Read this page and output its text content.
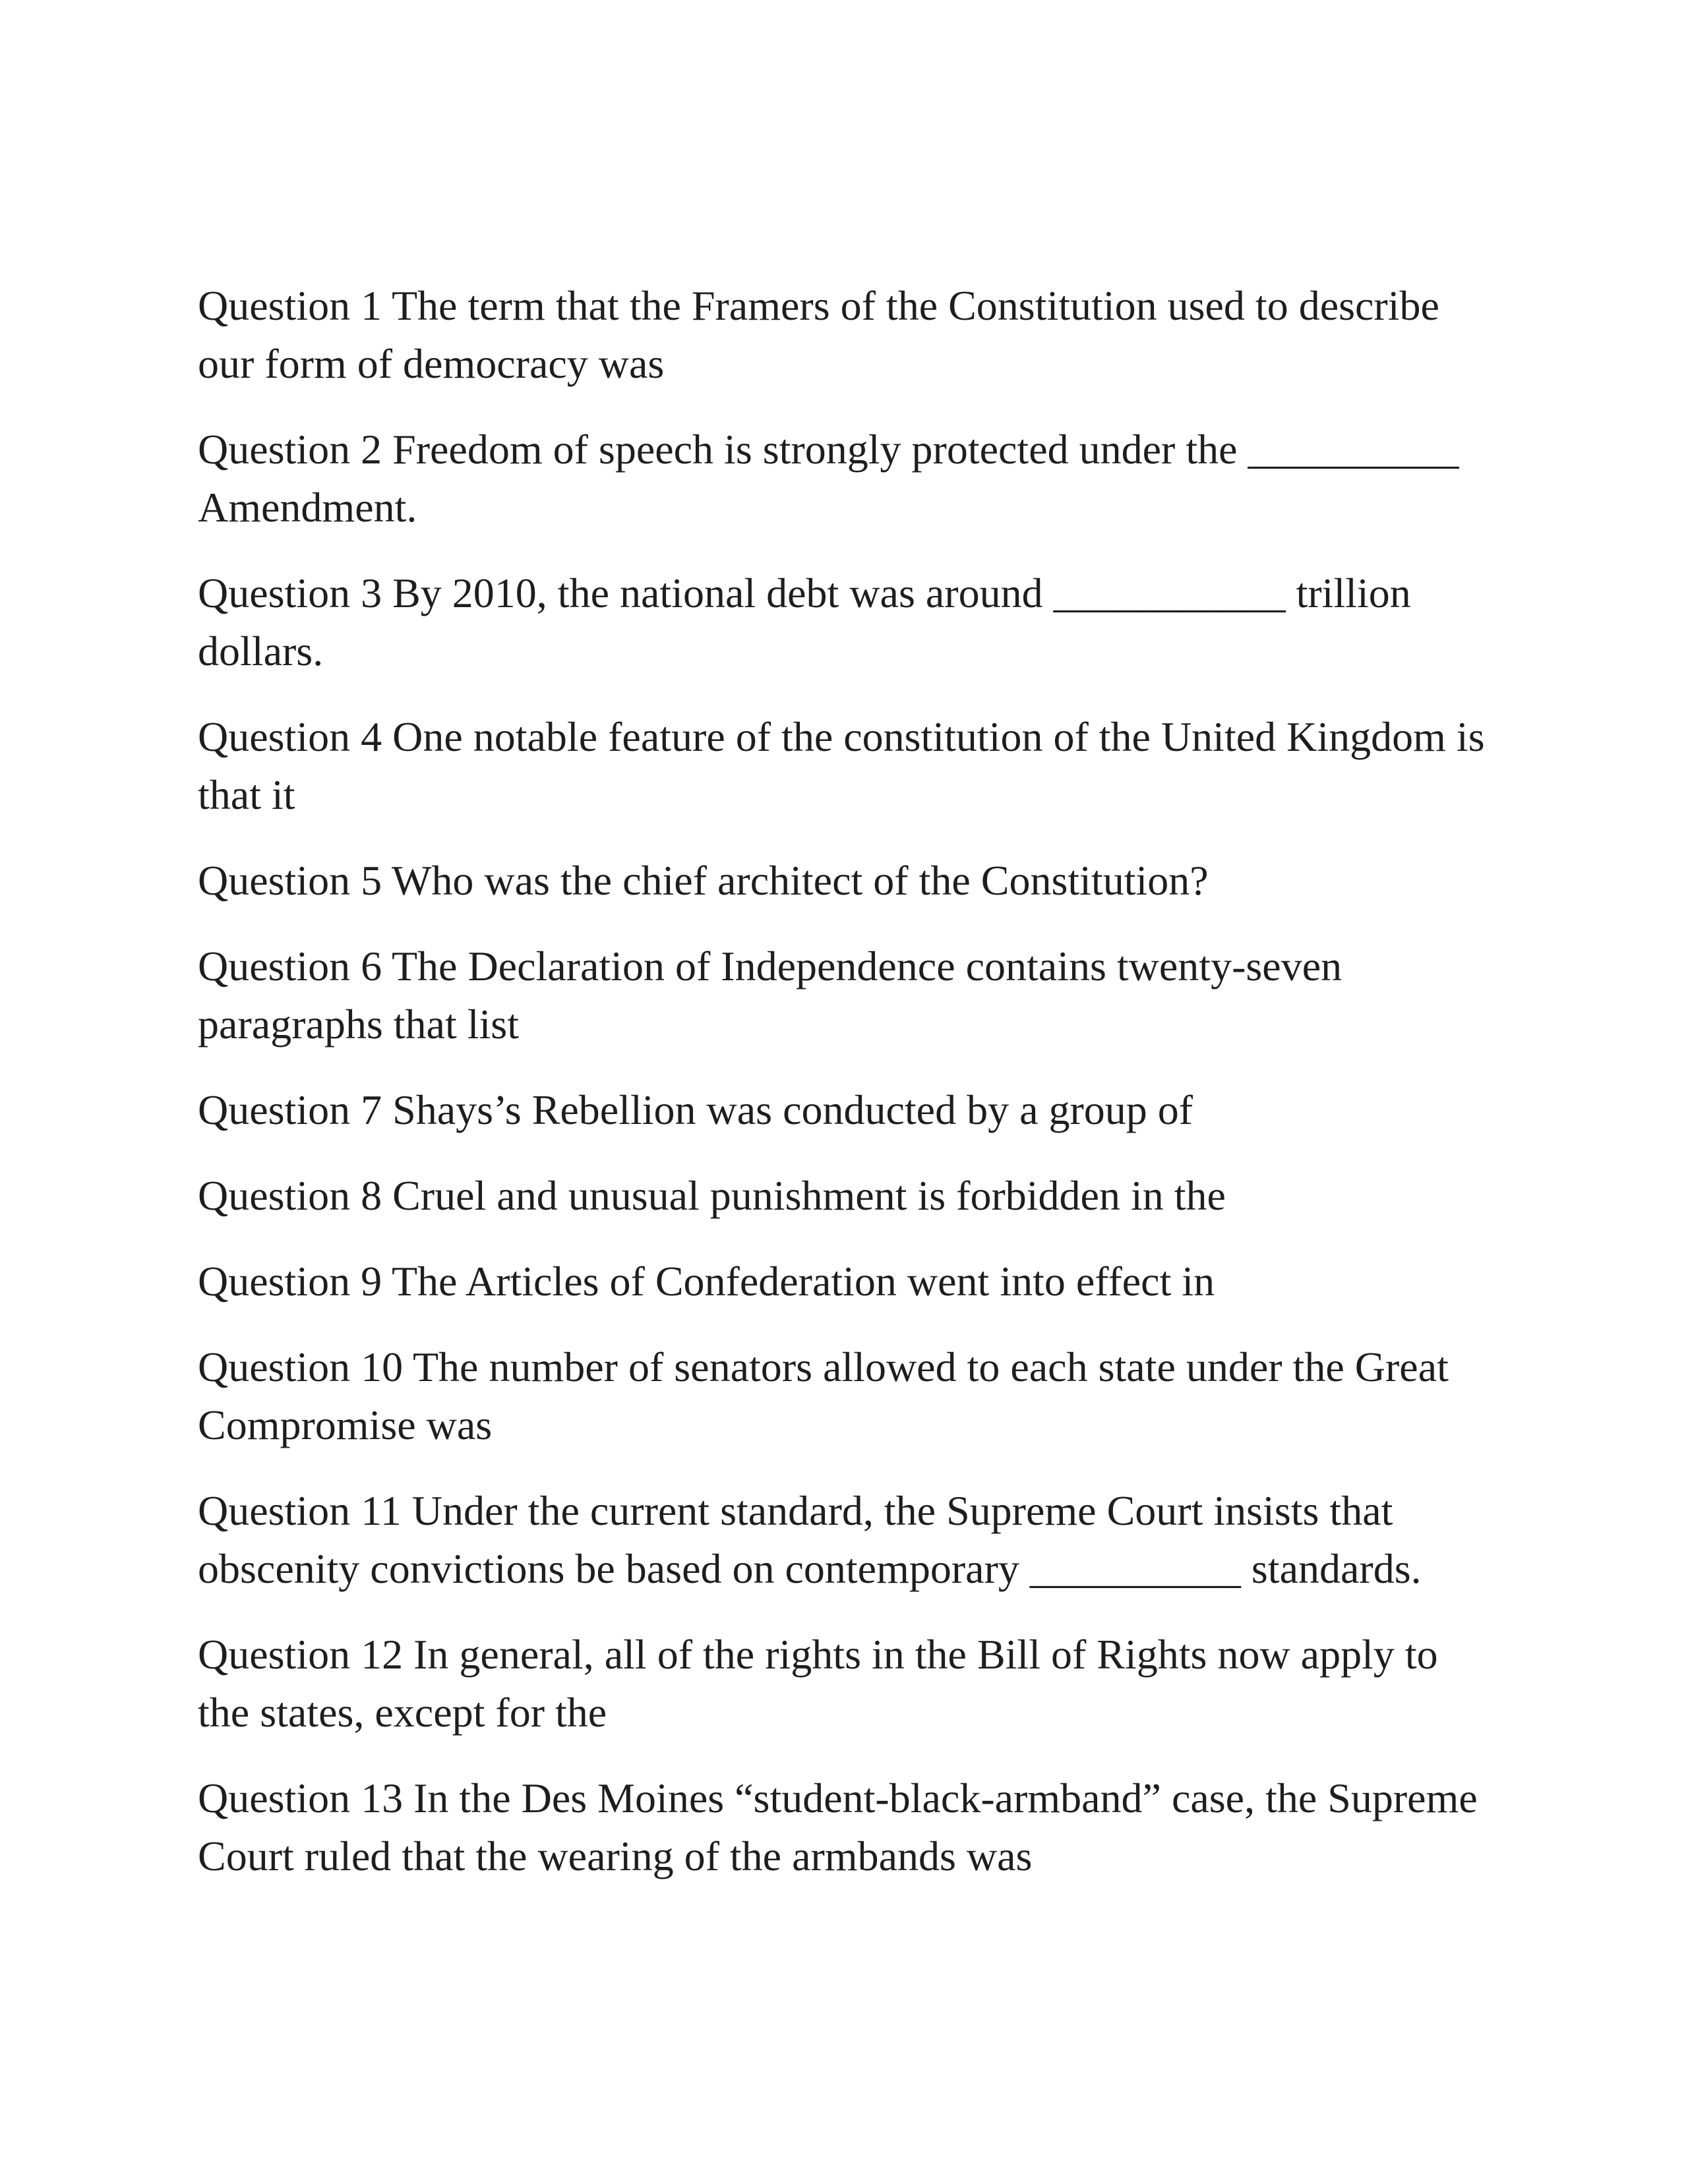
Question 1 The term that the Framers of the Constitution used to describe our form of democracy was
Question 2 Freedom of speech is strongly protected under the __________ Amendment.
Question 3 By 2010, the national debt was around ___________ trillion dollars.
Question 4 One notable feature of the constitution of the United Kingdom is that it
Question 5 Who was the chief architect of the Constitution?
Question 6 The Declaration of Independence contains twenty-seven paragraphs that list
Question 7 Shays’s Rebellion was conducted by a group of
Question 8 Cruel and unusual punishment is forbidden in the
Question 9 The Articles of Confederation went into effect in
Question 10 The number of senators allowed to each state under the Great Compromise was
Question 11 Under the current standard, the Supreme Court insists that obscenity convictions be based on contemporary __________ standards.
Question 12 In general, all of the rights in the Bill of Rights now apply to the states, except for the
Question 13 In the Des Moines “student-black-armband” case, the Supreme Court ruled that the wearing of the armbands was
